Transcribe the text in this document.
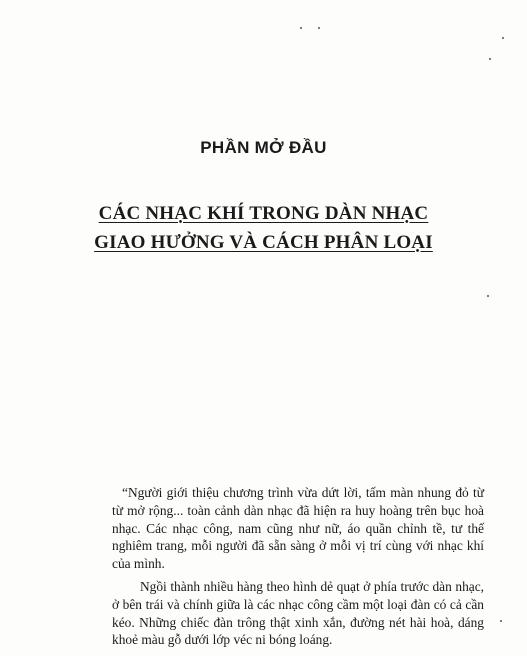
PHẦN MỞ ĐẦU
CÁC NHẠC KHÍ TRONG DÀN NHẠC
GIAO HƯỞNG VÀ CÁCH PHÂN LOẠI

“Người giới thiệu chương trình vừa dứt lời, tấm màn nhung đỏ từ từ mở rộng... toàn cảnh dàn nhạc đã hiện ra huy hoàng trên bục hoà nhạc. Các nhạc công, nam cũng như nữ, áo quần chỉnh tề, tư thế nghiêm trang, mỗi người đã sẵn sàng ở mỗi vị trí cùng với nhạc khí của mình.

Ngồi thành nhiều hàng theo hình dẻ quạt ở phía trước dàn nhạc, ở bên trái và chính giữa là các nhạc công cầm một loại đàn có cả cần kéo. Những chiếc đàn trông thật xinh xắn, đường nét hài hoà, dáng khoẻ màu gỗ dưới lớp véc ni bóng loáng.
